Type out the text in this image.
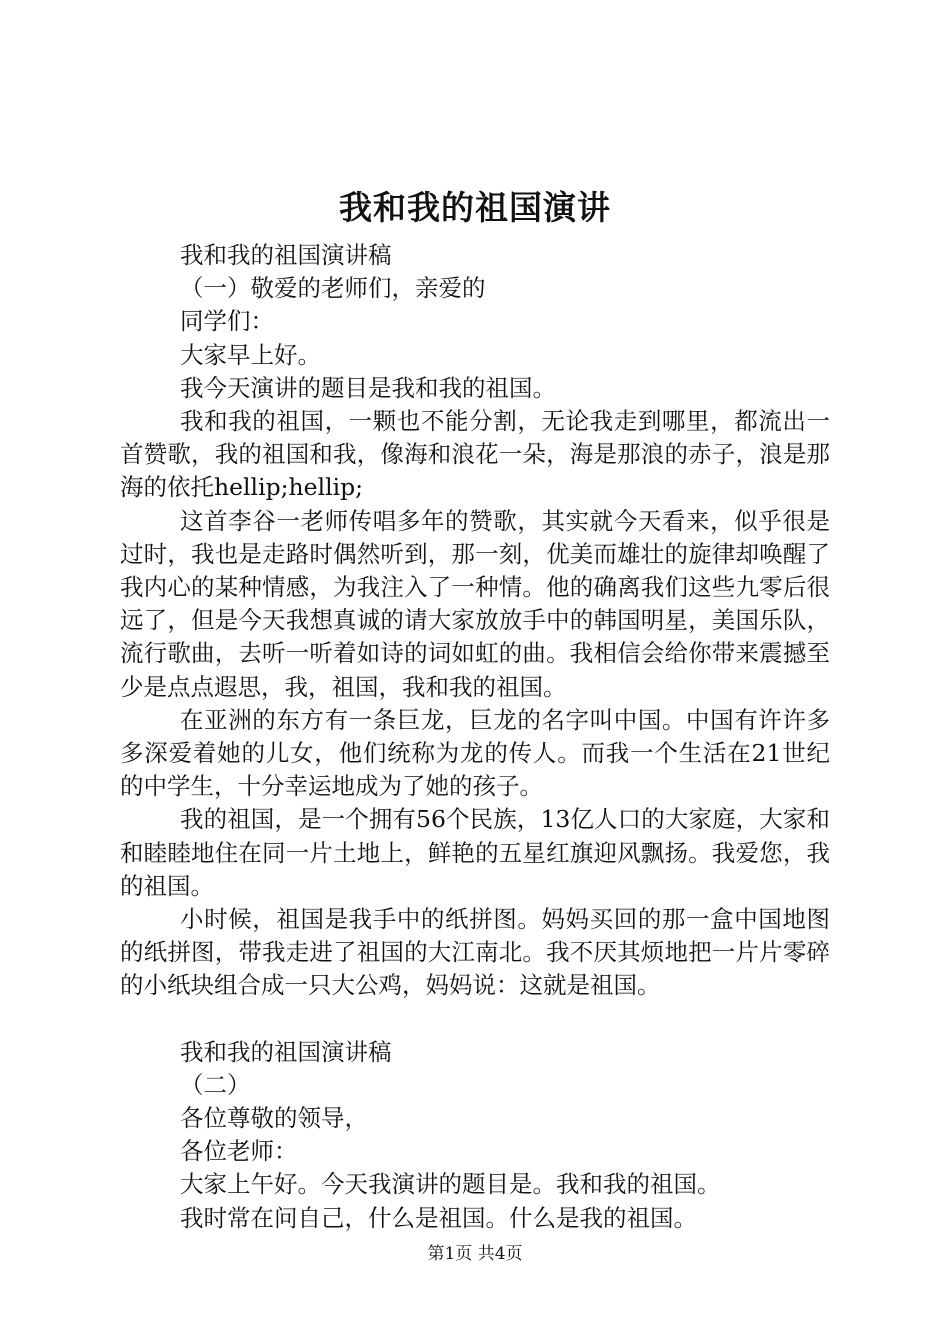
我和我的祖国演讲
我和我的祖国演讲稿
（一）敬爱的老师们，亲爱的
同学们：
大家早上好。
我今天演讲的题目是我和我的祖国。

我和我的祖国，一颗也不能分割，无论我走到哪里，都流出一首赞歌，我的祖国和我，像海和浪花一朵，海是那浪的赤子，浪是那海的依托hellip;hellip;

这首李谷一老师传唱多年的赞歌，其实就今天看来，似乎很是过时，我也是走路时偶然听到，那一刻，优美而雄壮的旋律却唤醒了我内心的某种情感，为我注入了一种情。他的确离我们这些九零后很远了，但是今天我想真诚的请大家放放手中的韩国明星，美国乐队，流行歌曲，去听一听着如诗的词如虹的曲。我相信会给你带来震撼至少是点点遐思，我，祖国，我和我的祖国。

在亚洲的东方有一条巨龙，巨龙的名字叫中国。中国有许许多多深爱着她的儿女，他们统称为龙的传人。而我一个生活在21世纪的中学生，十分幸运地成为了她的孩子。

我的祖国，是一个拥有56个民族，13亿人口的大家庭，大家和和睦睦地住在同一片土地上，鲜艳的五星红旗迎风飘扬。我爱您，我的祖国。

小时候，祖国是我手中的纸拼图。妈妈买回的那一盒中国地图的纸拼图，带我走进了祖国的大江南北。我不厌其烦地把一片片零碎的小纸块组合成一只大公鸡，妈妈说：这就是祖国。

我和我的祖国演讲稿
（二）
各位尊敬的领导，
各位老师：
大家上午好。今天我演讲的题目是。我和我的祖国。
我时常在问自己，什么是祖国。什么是我的祖国。
第1页 共4页
